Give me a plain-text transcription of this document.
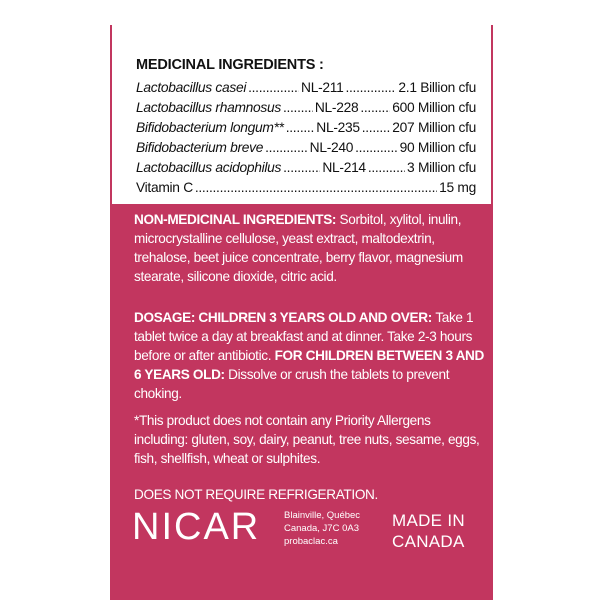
MEDICINAL INGREDIENTS :
Lactobacillus casei .....	NL-211 .....	2.1 Billion cfu
Lactobacillus rhamnosus ..... NL-228 ..... 600 Million cfu
Bifidobacterium longum** ..... NL-235 ..... 207 Million cfu
Bifidobacterium breve .....	NL-240 .....	90 Million cfu
Lactobacillus acidophilus .....	NL-214 .....	3 Million cfu
Vitamin C .....	15 mg
NON-MEDICINAL INGREDIENTS: Sorbitol, xylitol, inulin, microcrystalline cellulose, yeast extract, maltodextrin, trehalose, beet juice concentrate, berry flavor, magnesium stearate, silicone dioxide, citric acid.
DOSAGE: CHILDREN 3 YEARS OLD AND OVER: Take 1 tablet twice a day at breakfast and at dinner. Take 2-3 hours before or after antibiotic. FOR CHILDREN BETWEEN 3 AND 6 YEARS OLD: Dissolve or crush the tablets to prevent choking.
*This product does not contain any Priority Allergens including: gluten, soy, dairy, peanut, tree nuts, sesame, eggs, fish, shellfish, wheat or sulphites.
DOES NOT REQUIRE REFRIGERATION.
NICAR	Blainville, Québec
Canada, J7C 0A3
probaclac.ca
MADE IN
CANADA
